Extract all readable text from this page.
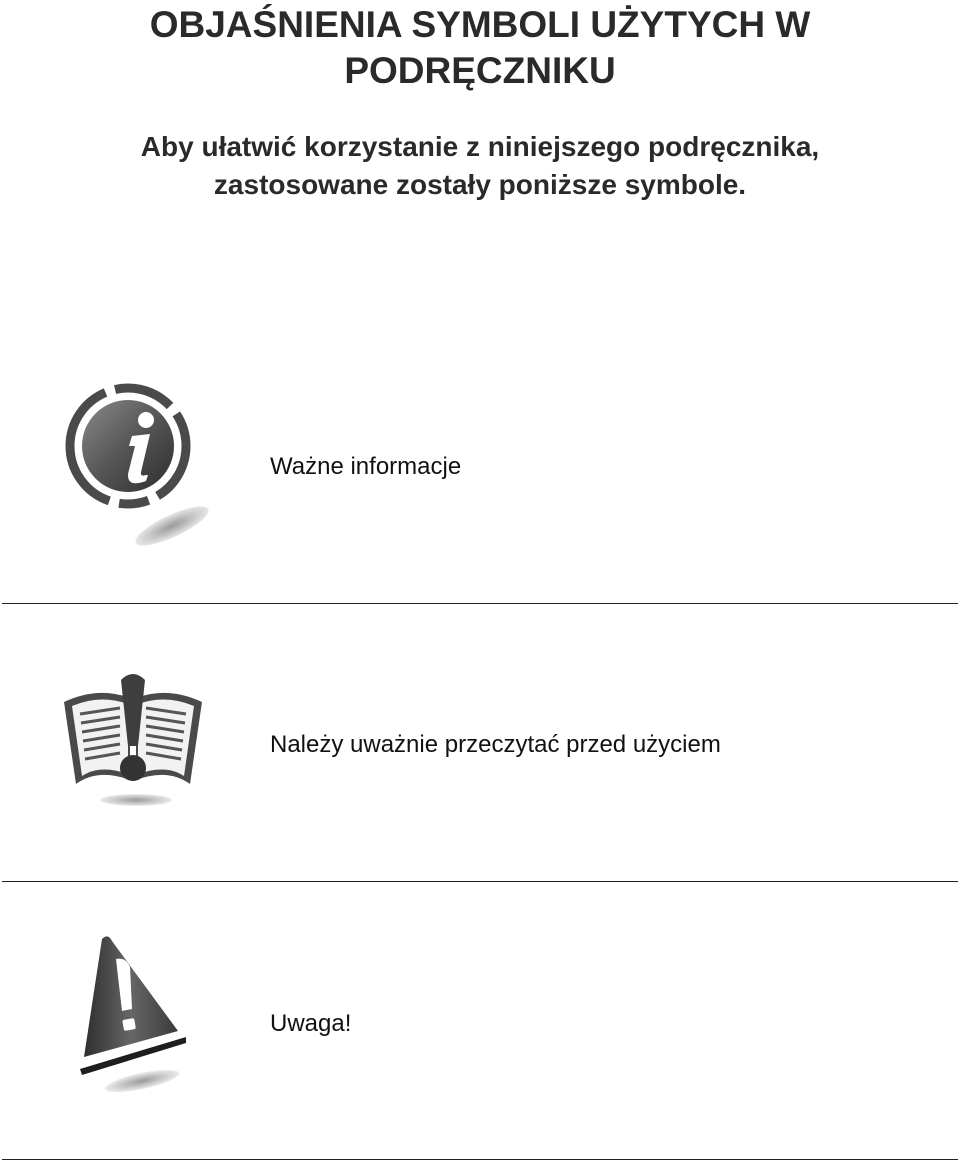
OBJAŚNIENIA SYMBOLI UŻYTYCH W
PODRĘCZNIKU

Aby ułatwić korzystanie z niniejszego podręcznika,
zastosowane zostały poniższe symbole.

Ważne informacje
Należy uważnie przeczytać przed użyciem
Uwaga!
